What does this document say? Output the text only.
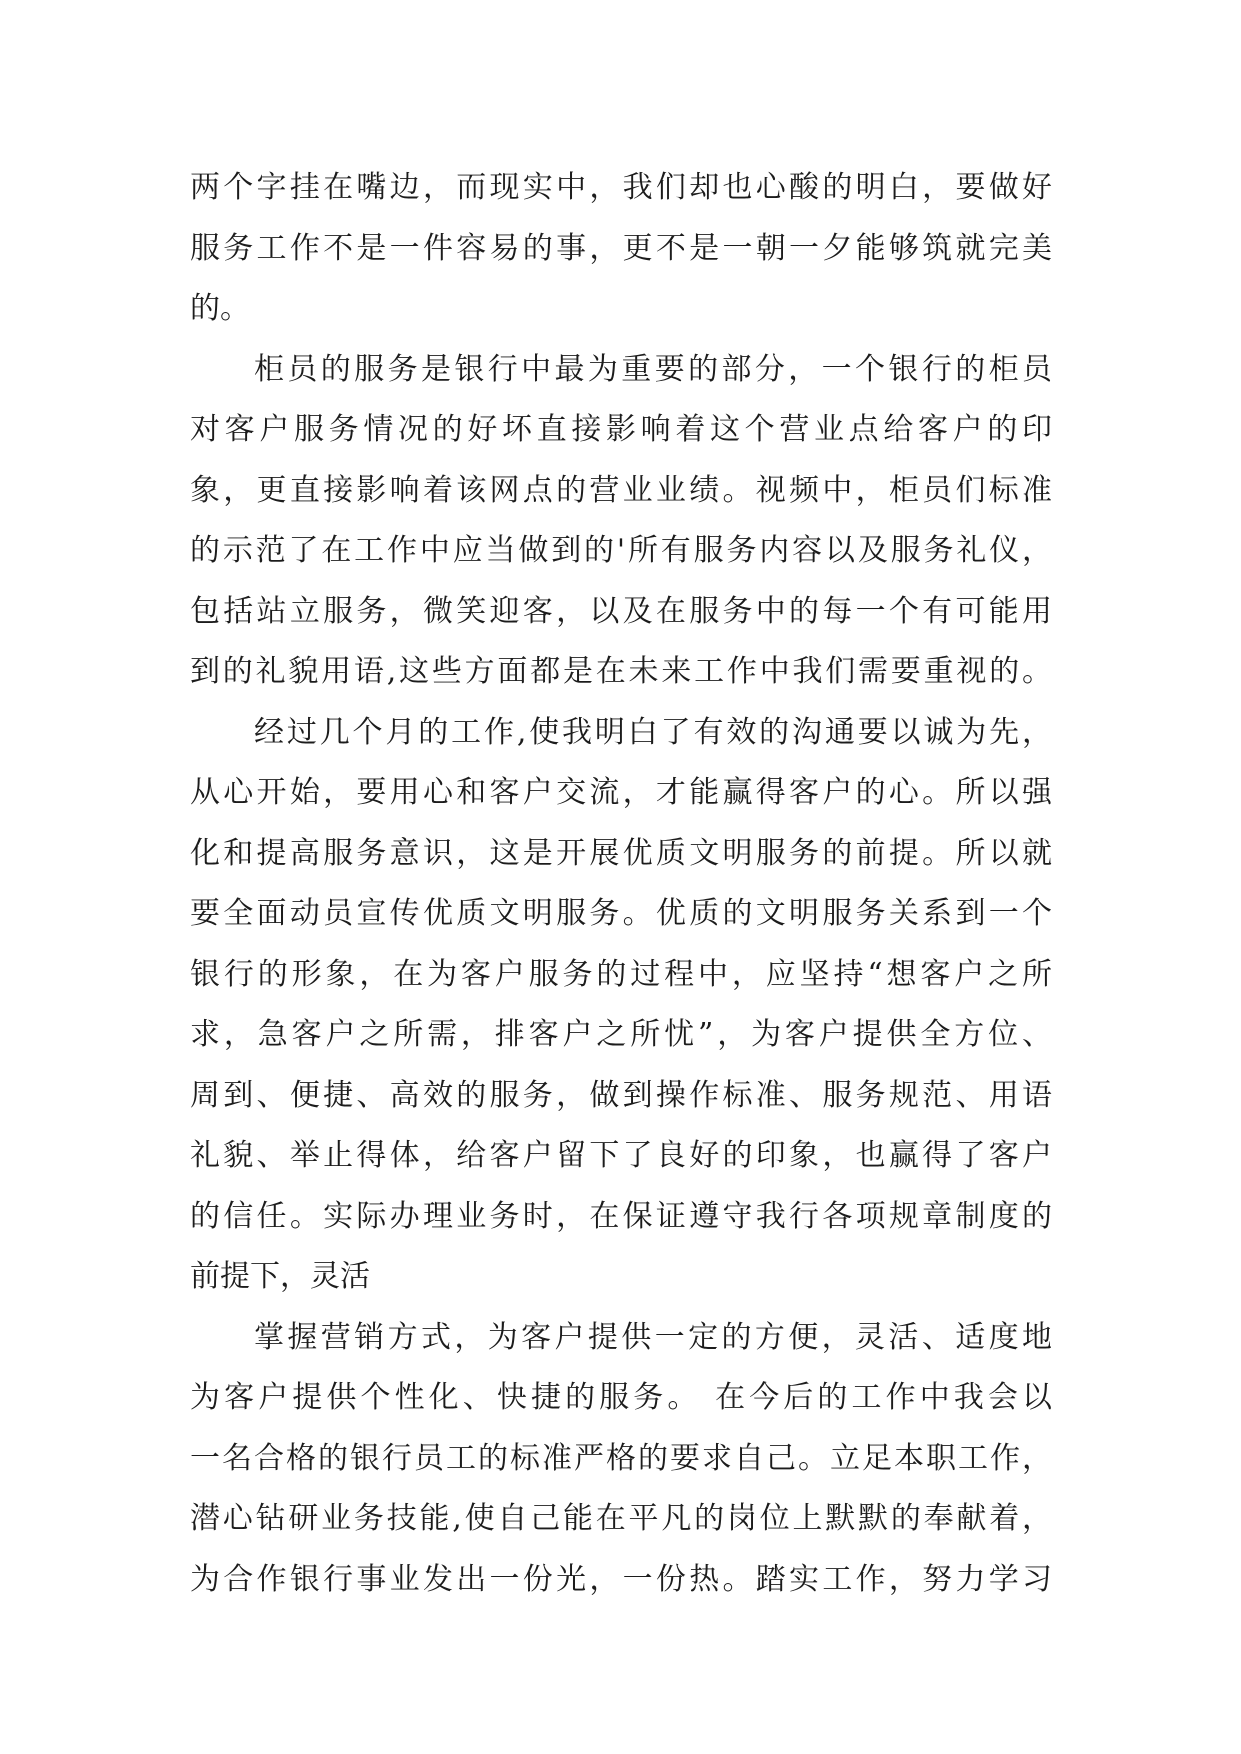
两个字挂在嘴边，而现实中，我们却也心酸的明白，要做好
服务工作不是一件容易的事，更不是一朝一夕能够筑就完美
的。
柜员的服务是银行中最为重要的部分，一个银行的柜员
对客户服务情况的好坏直接影响着这个营业点给客户的印
象，更直接影响着该网点的营业业绩。视频中，柜员们标准
的示范了在工作中应当做到的'所有服务内容以及服务礼仪，
包括站立服务，微笑迎客，以及在服务中的每一个有可能用
到的礼貌用语,这些方面都是在未来工作中我们需要重视的。
经过几个月的工作,使我明白了有效的沟通要以诚为先，
从心开始，要用心和客户交流，才能赢得客户的心。所以强
化和提高服务意识，这是开展优质文明服务的前提。所以就
要全面动员宣传优质文明服务。优质的文明服务关系到一个
银行的形象，在为客户服务的过程中，应坚持“想客户之所
求，急客户之所需，排客户之所忧”，为客户提供全方位、
周到、便捷、高效的服务，做到操作标准、服务规范、用语
礼貌、举止得体，给客户留下了良好的印象，也赢得了客户
的信任。实际办理业务时，在保证遵守我行各项规章制度的
前提下，灵活
掌握营销方式，为客户提供一定的方便，灵活、适度地
为客户提供个性化、快捷的服务。 在今后的工作中我会以
一名合格的银行员工的标准严格的要求自己。立足本职工作，
潜心钻研业务技能,使自己能在平凡的岗位上默默的奉献着，
为合作银行事业发出一份光，一份热。踏实工作，努力学习
